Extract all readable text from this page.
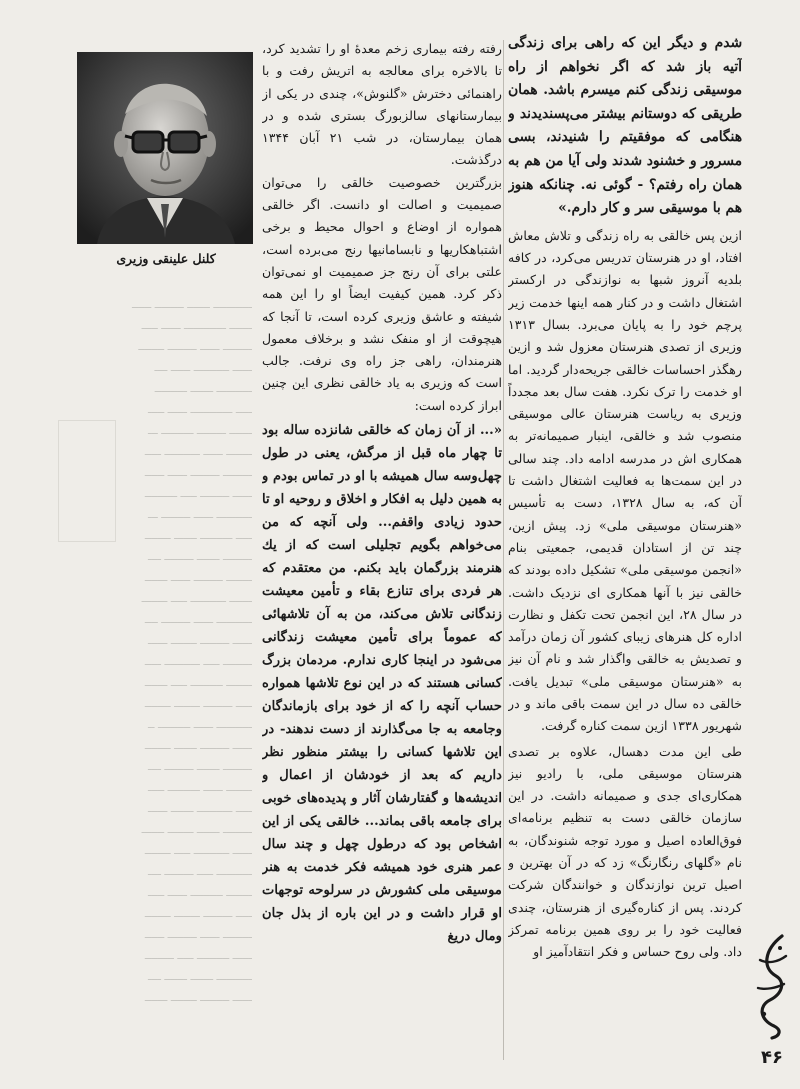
ــــــــــــ ـــــــ ـــــــــ ــــــ
ـــــــ ـــــــــــــ ــــــ ـــــ
ـــــــــ ــــــ ـــــــــ ــــــــ
ــــــ ـــــــــــ ــــــ ــــ
ـــــــــــ ـــــــ ــــــــــ
ـــــ ـــــــــــــ ــــــ ـــــ
ـــــــ ـــــــــ ــــــــــ ـــ
ــــــــ ــــــ ـــــــــــ ـــــ
ـــــــــ ـــــــــ ــــــ ــــــ
ــــــ ـــــــــ ـــــ ــــــــــ
ـــــــــــ ــــــ ـــــــــ ـــ
ـــــ ــــــــــ ـــــــ ــــــــ
ـــــــــ ـــــــ ـــــــــ ــــ
ــــــــ ـــــــــ ــــــ ـــــــ
ـــــــ ـــــــــــ ـــــ ــــــــ
ـــــــــــ ــــــ ـــــــــ ــــ
ــــــ ـــــــــ ــــــــ ــــــ
ـــــــــ ـــــ ـــــــــــ ـــــ
ــــــــ ــــــــــ ـــــ ـــــــ
ـــــ ـــــــــ ــــــــ ــــــــ
ـــــــــــ ــــــ ــــــــــ ــ
ــــــ ـــــــــ ـــــــ ــــــــ
ـــــــــ ـــــــ ـــــــــ ــــ
ــــــــ ــــــ ــــــــــ ـــــ
ـــــ ـــــــــــ ـــــــ ــــــ
ـــــــــ ـــــــ ــــــــ ـــــــ
ــــــ ـــــــــــ ـــــ ــــــــ
ـــــــــــ ـــــ ـــــــــ ــــ
ــــــــ ــــــــــ ــــــ ـــــ
ـــــ ـــــــــ ــــــــ ــــــــ
ـــــــــ ــــــ ـــــــــ ــــــ
ــــــ ــــــــــ ـــــ ـــــــــ
ـــــــــــ ـــــــ ـــــــ ــــ
ــــــ ـــــــــ ــــــــ ـــــــ
کلنل علینقی وزیری

رفته رفته بیماری زخم معدهٔ او را تشدید کرد، تا بالاخره برای معالجه به اتریش رفت و با راهنمائی دخترش «گلنوش»، چندی در یکی از بیمارستانهای سالزبورگ بستری شده و در همان بیمارستان، در شب ۲۱ آبان ۱۳۴۴ درگذشت.

بزرگترین خصوصیت خالقی را می‌توان صمیمیت و اصالت او دانست. اگر خالقی همواره از اوضاع و احوال محیط و برخی اشتباهکاریها و نابسامانیها رنج می‌برده است، علتی برای آن رنج جز صمیمیت او نمی‌توان ذکر کرد. همین کیفیت ایضاً او را این همه شیفته و عاشق وزیری کرده است، تا آنجا که هیچوقت از او منفک نشد و برخلاف معمول هنرمندان، راهی جز راه وی نرفت. جالب است که وزیری به یاد خالقی نظری این چنین ابراز کرده است:

«... از آن زمان که خالقی شانزده ساله بود تا چهار ماه قبل از مرگش، یعنی در طول چهل‌وسه سال همیشه با او در تماس بودم و به همین دلیل به افکار و اخلاق و روحیه او تا حدود زیادی واقفم... ولی آنچه که من می‌خواهم بگویم تجلیلی است که از یك هنرمند بزرگمان باید بکنم. من معتقدم که هر فردی برای تنازع بقاء و تأمین معیشت زندگانی تلاش می‌کند، من به آن تلاشهائی که عموماً برای تأمین معیشت زندگانی می‌شود در اینجا کاری ندارم. مردمان بزرگ کسانی هستند که در این نوع تلاشها همواره حساب آنچه را که از خود برای بازماندگان وجامعه به جا می‌گذارند از دست ندهند- در این تلاشها کسانی را بیشتر منظور نظر داریم که بعد از خودشان از اعمال و اندیشه‌ها و گفتارشان آثار و پدیده‌های خوبی برای جامعه باقی بماند... خالقی یکی از این اشخاص بود که درطول چهل و چند سال عمر هنری خود همیشه فکر خدمت به هنر موسیقی ملی کشورش در سرلوحه توجهات او قرار داشت و در این باره از بذل جان ومال دریغ

شدم و دیگر این که راهی برای زندگی آتیه باز شد که اگر نخواهم از راه موسیقی زندگی کنم میسرم باشد. همان طریقی که دوستانم بیشتر می‌پسندیدند و هنگامی که موفقیتم را شنیدند، بسی مسرور و خشنود شدند ولی آیا من هم به همان راه رفتم؟ - گوئی نه. چنانکه هنوز هم با موسیقی سر و کار دارم.»

ازین پس خالقی به راه زندگی و تلاش معاش افتاد، او در هنرستان تدریس می‌کرد، در کافه بلدیه آنروز شبها به نوازندگی در ارکستر اشتغال داشت و در کنار همه اینها خدمت زیر پرچم خود را به پایان می‌برد. بسال ۱۳۱۳ وزیری از تصدی هنرستان معزول شد و ازین رهگذر احساسات خالقی جریحه‌دار گردید. اما او خدمت را ترک نکرد. هفت سال بعد مجدداً وزیری به ریاست هنرستان عالی موسیقی منصوب شد و خالقی، اینبار صمیمانه‌تر به همکاری اش در مدرسه ادامه داد. چند سالی در این سمت‌ها به فعالیت اشتغال داشت تا آن که، به سال ۱۳۲۸، دست به تأسیس «هنرستان موسیقی ملی» زد. پیش ازین، چند تن از استادان قدیمی، جمعیتی بنام «انجمن موسیقی ملی» تشکیل داده بودند که خالقی نیز با آنها همکاری ای نزدیک داشت. در سال ۲۸، این انجمن تحت تکفل و نظارت اداره کل هنرهای زیبای کشور آن زمان درآمد و تصدیش به خالقی واگذار شد و نام آن نیز به «هنرستان موسیقی ملی» تبدیل یافت. خالقی ده سال در این سمت باقی ماند و در شهریور ۱۳۳۸ ازین سمت کناره گرفت.

طی این مدت دهسال، علاوه بر تصدی هنرستان موسیقی ملی، با رادیو نیز همکاری‌ای جدی و صمیمانه داشت. در این سازمان خالقی دست به تنظیم برنامه‌ای فوق‌العاده اصیل و مورد توجه شنوندگان، به نام «گلهای رنگارنگ» زد که در آن بهترین و اصیل ترین نوازندگان و خوانندگان شرکت کردند. پس از کناره‌گیری از هنرستان، چندی فعالیت خود را بر روی همین برنامه تمرکز داد. ولی روح حساس و فکر انتقادآمیز او

۴۶
